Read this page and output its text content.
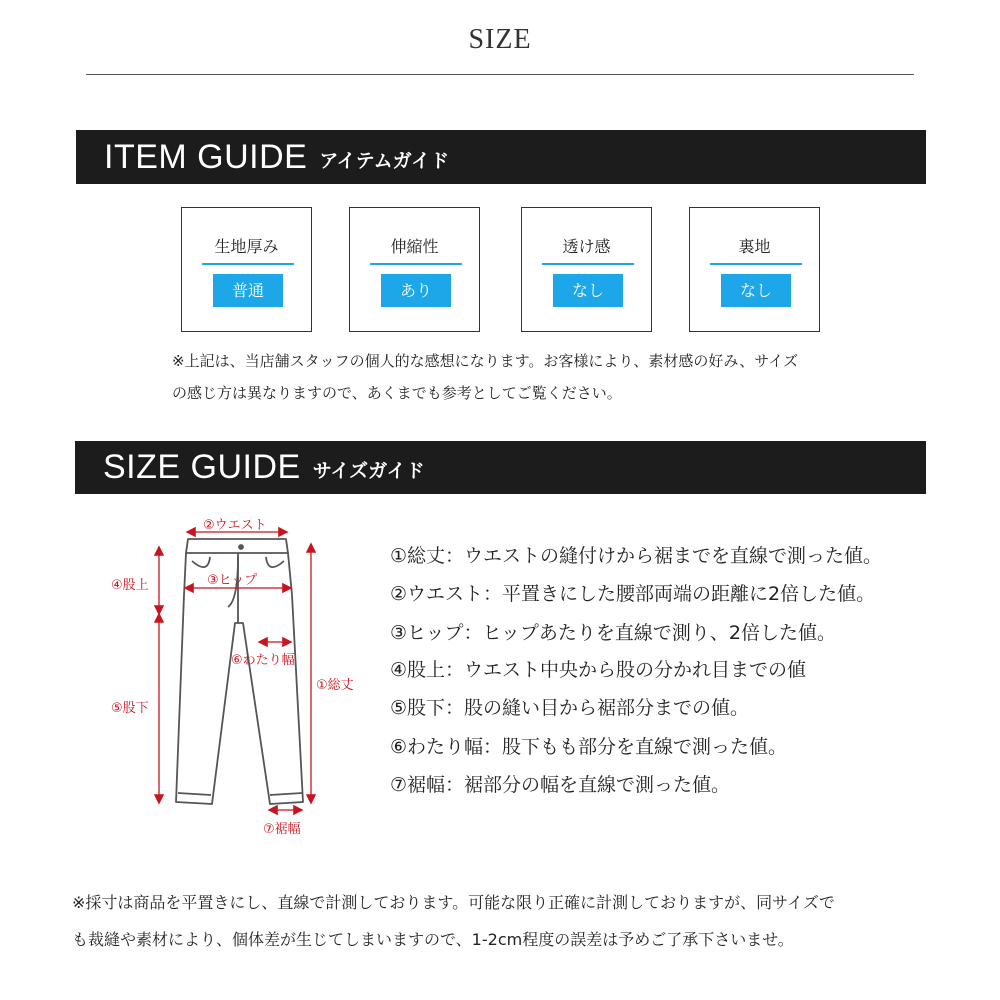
SIZE
ITEM GUIDE アイテムガイド
生地厚み
普通
伸縮性
あり
透け感
なし
裏地
なし
※上記は、当店舗スタッフの個人的な感想になります。お客様により、素材感の好み、サイズ
の感じ方は異なりますので、あくまでも参考としてご覧ください。
SIZE GUIDE サイズガイド
②ウエスト
③ヒップ
④股上
⑤股下
⑥わたり幅
①総丈
⑦裾幅
①総丈：ウエストの縫付けから裾までを直線で測った値。
②ウエスト：平置きにした腰部両端の距離に2倍した値。
③ヒップ：ヒップあたりを直線で測り、2倍した値。
④股上：ウエスト中央から股の分かれ目までの値
⑤股下：股の縫い目から裾部分までの値。
⑥わたり幅：股下もも部分を直線で測った値。
⑦裾幅：裾部分の幅を直線で測った値。
※採寸は商品を平置きにし、直線で計測しております。可能な限り正確に計測しておりますが、同サイズで
も裁縫や素材により、個体差が生じてしまいますので、1-2cm程度の誤差は予めご了承下さいませ。
